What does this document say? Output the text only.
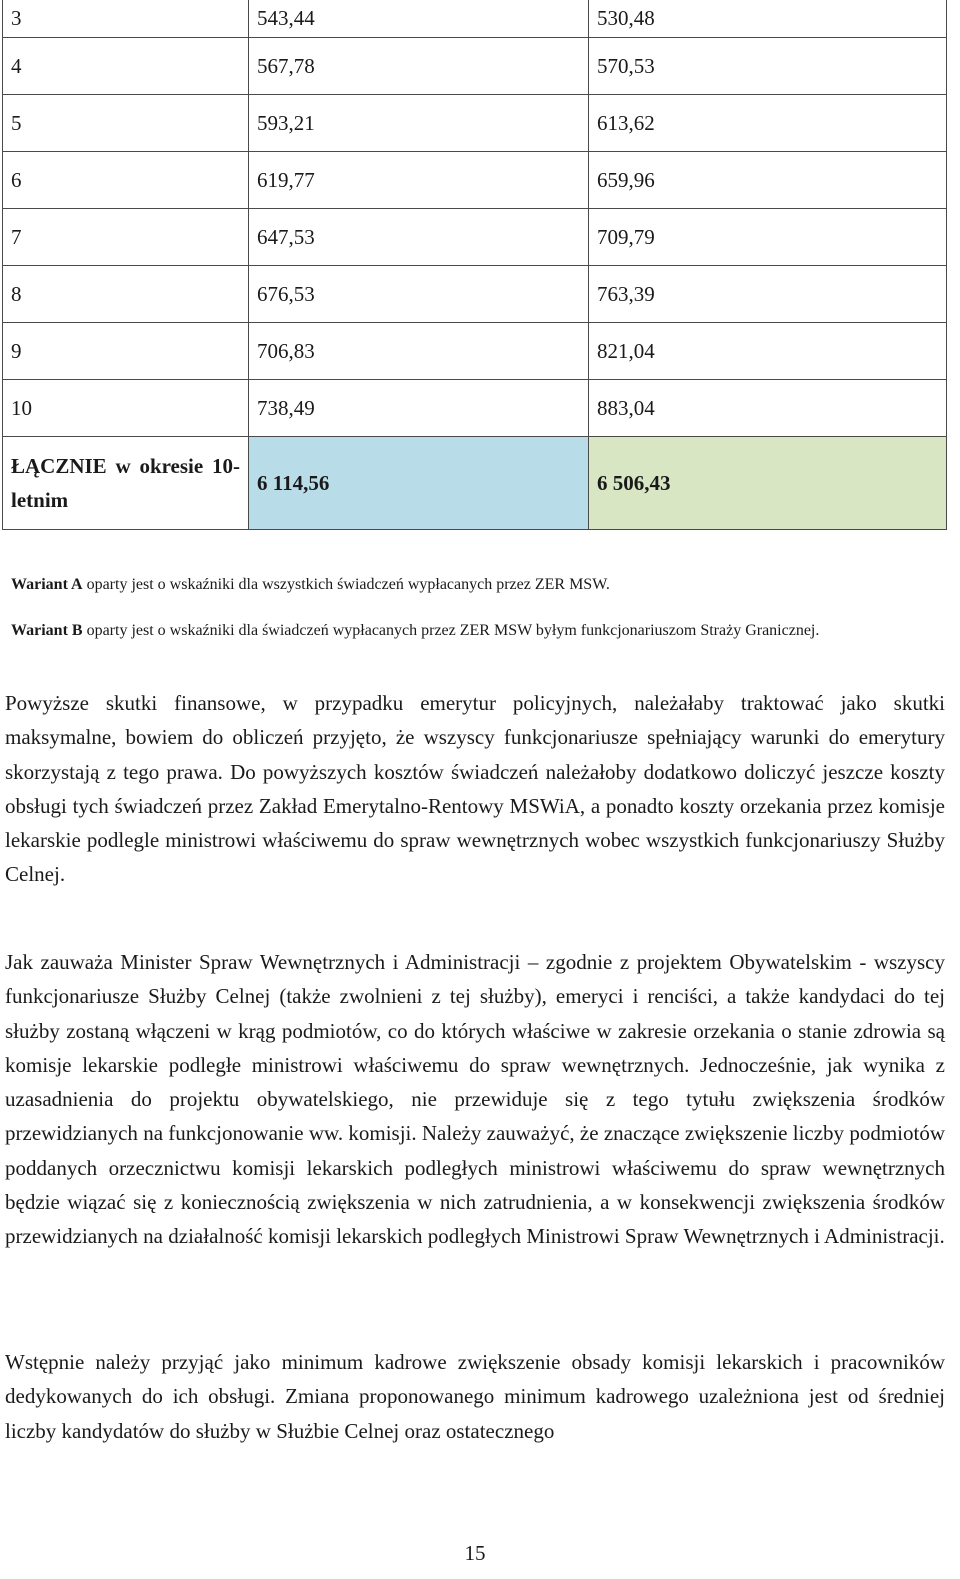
3	543,44	530,48
4	567,78	570,53
5	593,21	613,62
6	619,77	659,96
7	647,53	709,79
8	676,53	763,39
9	706,83	821,04
10	738,49	883,04
ŁĄCZNIE w okresie 10-letnim	6 114,56	6 506,43
Wariant A oparty jest o wskaźniki dla wszystkich świadczeń wypłacanych przez ZER MSW.
Wariant B oparty jest o wskaźniki dla świadczeń wypłacanych przez ZER MSW byłym funkcjonariuszom Straży Granicznej.
Powyższe skutki finansowe, w przypadku emerytur policyjnych, należałaby traktować jako skutki maksymalne, bowiem do obliczeń przyjęto, że wszyscy funkcjonariusze spełniający warunki do emerytury skorzystają z tego prawa. Do powyższych kosztów świadczeń należałoby dodatkowo doliczyć jeszcze koszty obsługi tych świadczeń przez Zakład Emerytalno-Rentowy MSWiA, a ponadto koszty orzekania przez komisje lekarskie podlegle ministrowi właściwemu do spraw wewnętrznych wobec wszystkich funkcjonariuszy Służby Celnej.
Jak zauważa Minister Spraw Wewnętrznych i Administracji – zgodnie z projektem Obywatelskim - wszyscy funkcjonariusze Służby Celnej (także zwolnieni z tej służby), emeryci i renciści, a także kandydaci do tej służby zostaną włączeni w krąg podmiotów, co do których właściwe w zakresie orzekania o stanie zdrowia są komisje lekarskie podległe ministrowi właściwemu do spraw wewnętrznych. Jednocześnie, jak wynika z uzasadnienia do projektu obywatelskiego, nie przewiduje się z tego tytułu zwiększenia środków przewidzianych na funkcjonowanie ww. komisji. Należy zauważyć, że znaczące zwiększenie liczby podmiotów poddanych orzecznictwu komisji lekarskich podległych ministrowi właściwemu do spraw wewnętrznych będzie wiązać się z koniecznością zwiększenia w nich zatrudnienia, a w konsekwencji zwiększenia środków przewidzianych na działalność komisji lekarskich podległych Ministrowi Spraw Wewnętrznych i Administracji.
Wstępnie należy przyjąć jako minimum kadrowe zwiększenie obsady komisji lekarskich i pracowników dedykowanych do ich obsługi. Zmiana proponowanego minimum kadrowego uzależniona jest od średniej liczby kandydatów do służby w Służbie Celnej oraz ostatecznego
15
